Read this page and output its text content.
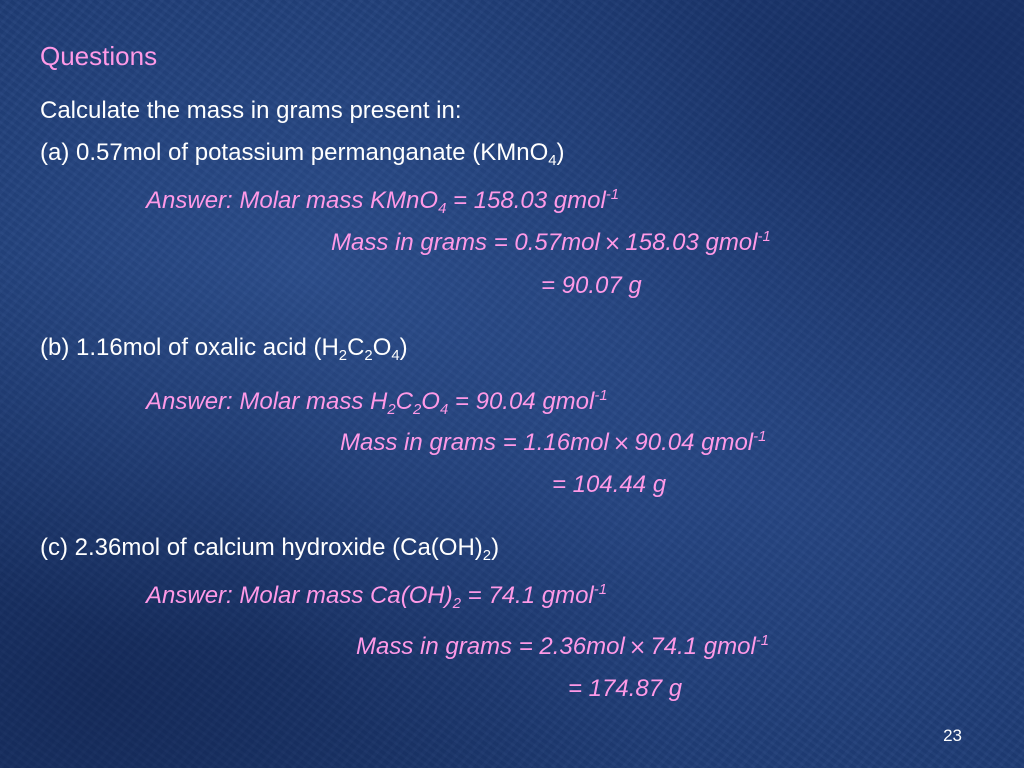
Questions
Calculate the mass in grams present in:
(a) 0.57mol of potassium permanganate (KMnO$_4$)
Answer: Molar mass KMnO$_4$ = 158.03 gmol$^{-1}$
Mass in grams = 0.57mol × 158.03 gmol$^{-1}$
= 90.07 g
(b) 1.16mol of oxalic acid $(H_2C_2O_4)$
Answer: Molar mass $H_2C_2O_4 = 90.04$ gmol$^{-1}$
Mass in grams = 1.16mol × 90.04 gmol$^{-1}$
= 104.44 g
(c) 2.36mol of calcium hydroxide $(Ca(OH)_2)$
Answer: Molar mass $Ca(OH)_2 = 74.1$ gmol$^{-1}$
Mass in grams = 2.36mol × 74.1 gmol$^{-1}$
= 174.87 g
23
